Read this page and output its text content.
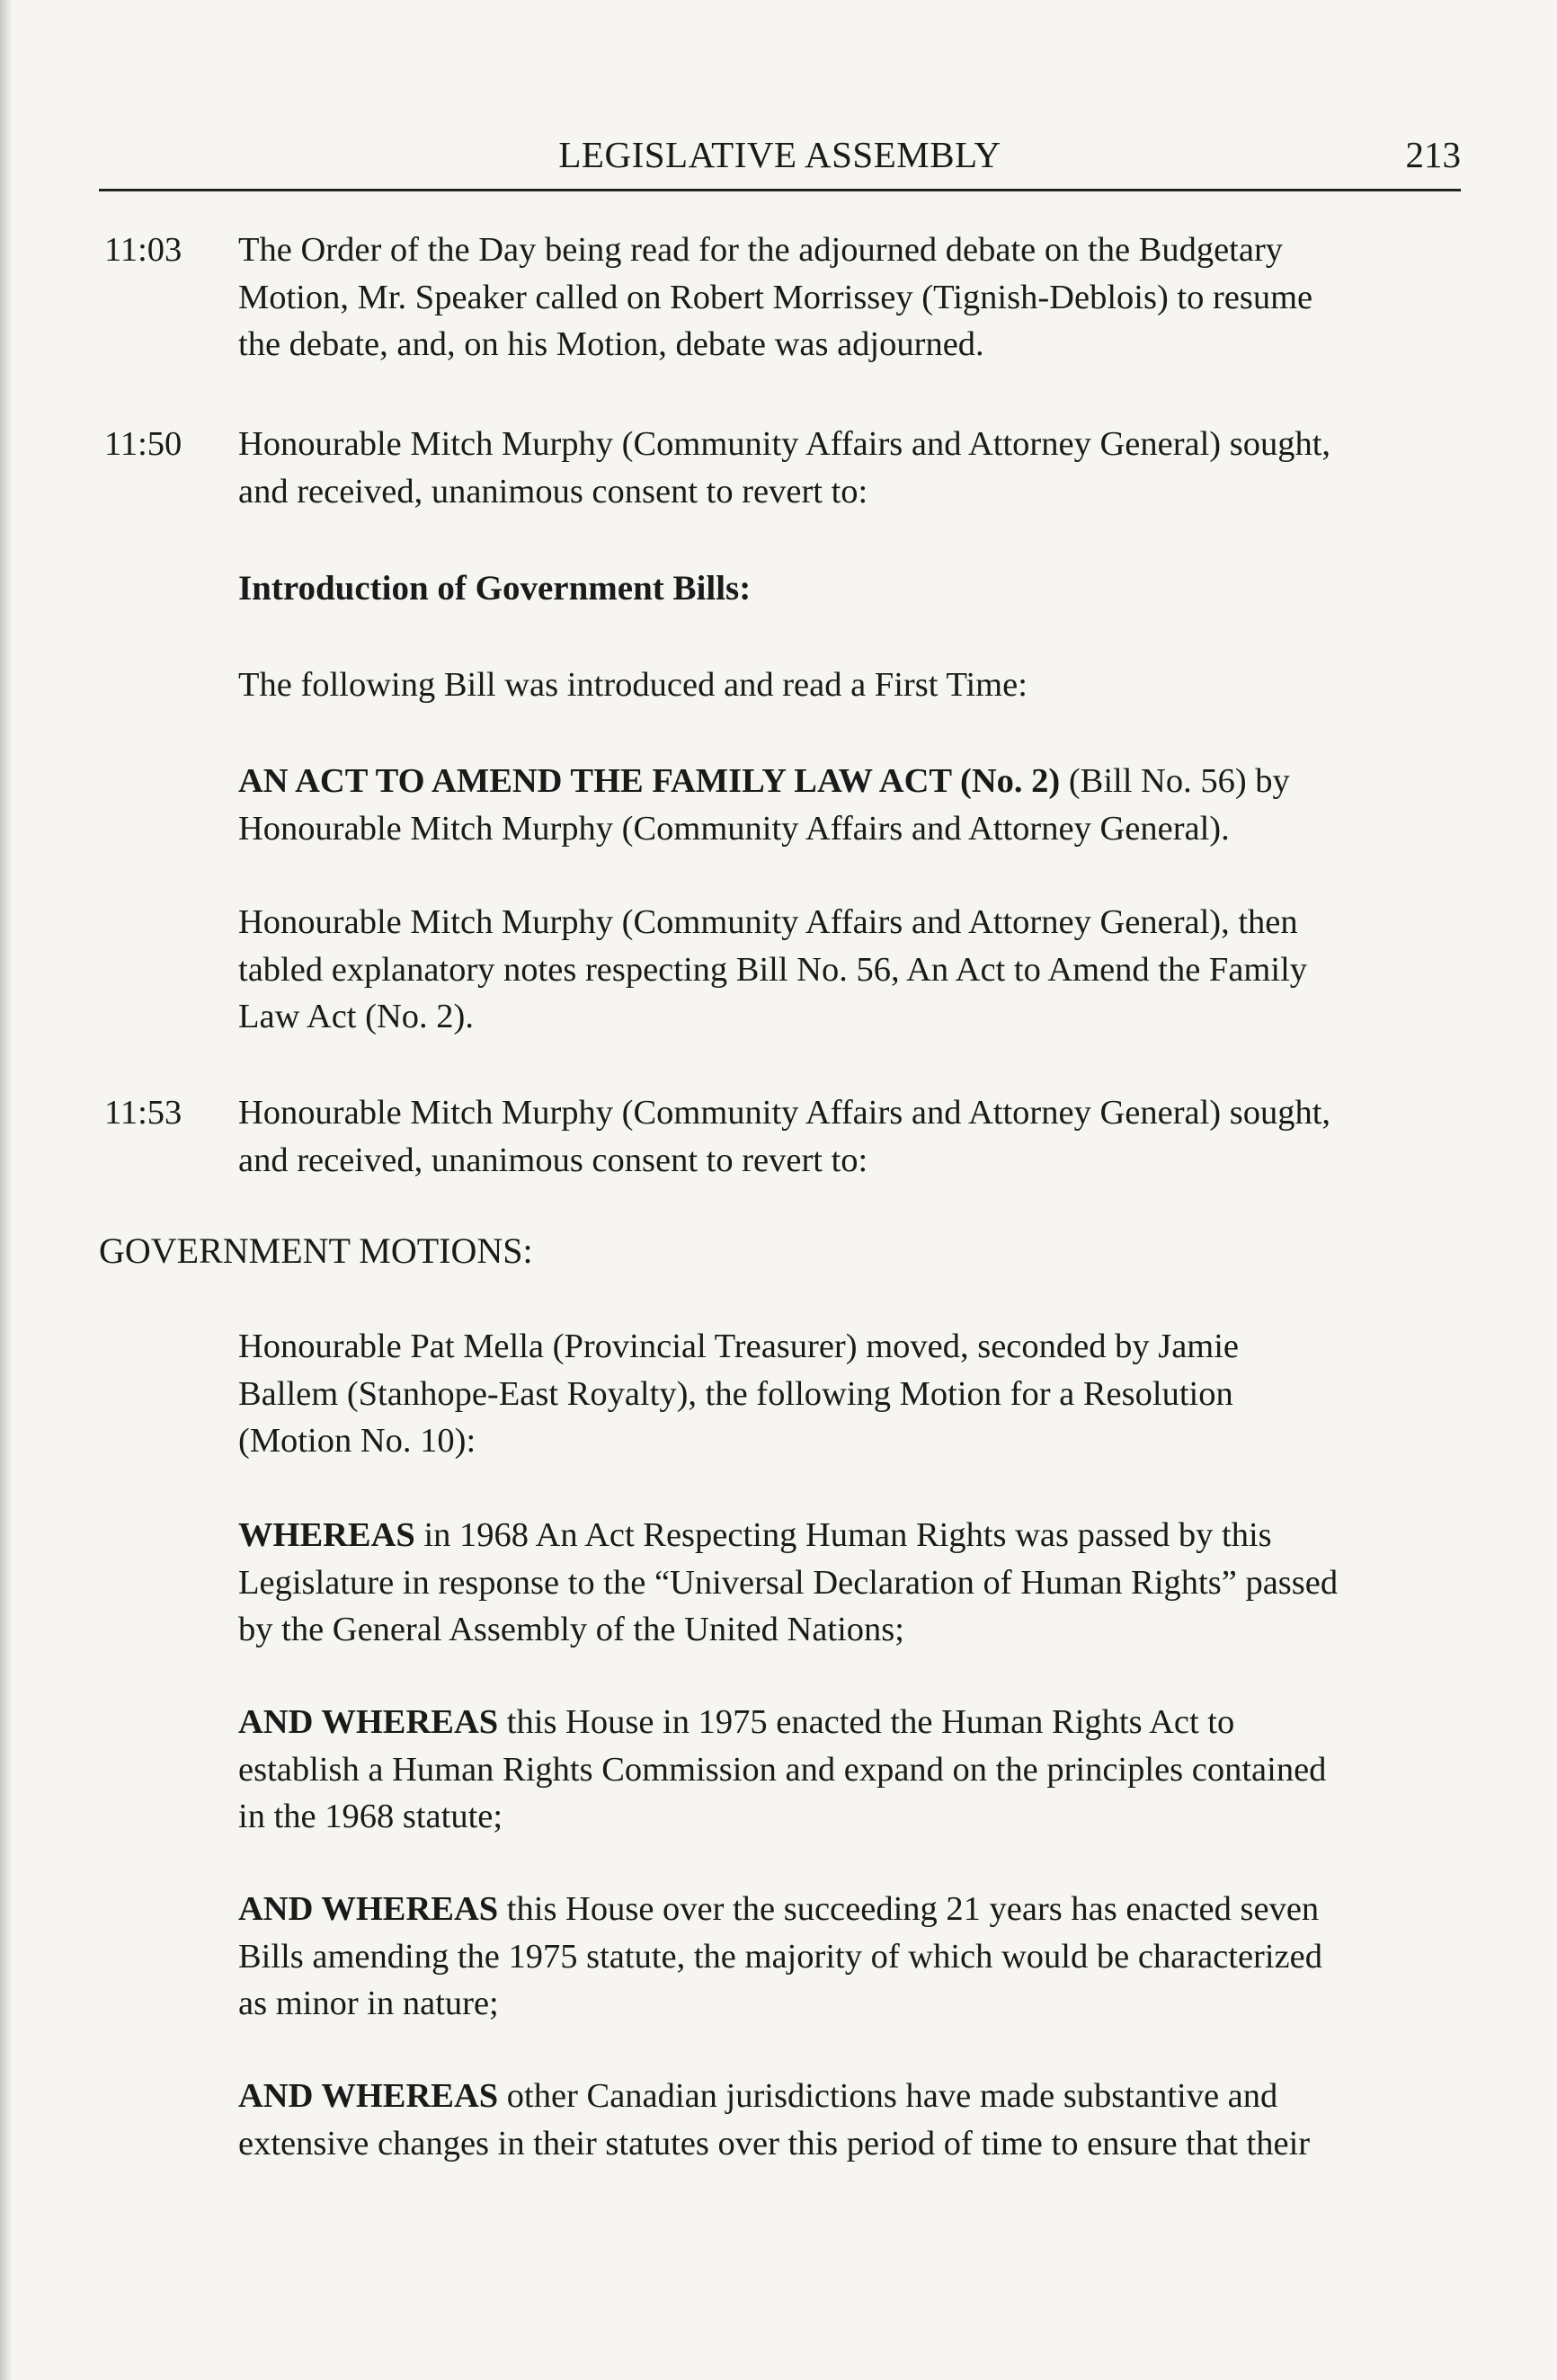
LEGISLATIVE ASSEMBLY	213
11:03 The Order of the Day being read for the adjourned debate on the Budgetary
Motion, Mr. Speaker called on Robert Morrissey (Tignish-Deblois) to resume
the debate, and, on his Motion, debate was adjourned.
11:50 Honourable Mitch Murphy (Community Affairs and Attorney General) sought,
and received, unanimous consent to revert to:
Introduction of Government Bills:
The following Bill was introduced and read a First Time:
AN ACT TO AMEND THE FAMILY LAW ACT (No. 2) (Bill No. 56) by
Honourable Mitch Murphy (Community Affairs and Attorney General).
Honourable Mitch Murphy (Community Affairs and Attorney General), then
tabled explanatory notes respecting Bill No. 56, An Act to Amend the Family
Law Act (No. 2).
11:53 Honourable Mitch Murphy (Community Affairs and Attorney General) sought,
and received, unanimous consent to revert to:
GOVERNMENT MOTIONS:
Honourable Pat Mella (Provincial Treasurer) moved, seconded by Jamie
Ballem (Stanhope-East Royalty), the following Motion for a Resolution
(Motion No. 10):
WHEREAS in 1968 An Act Respecting Human Rights was passed by this
Legislature in response to the “Universal Declaration of Human Rights” passed
by the General Assembly of the United Nations;
AND WHEREAS this House in 1975 enacted the Human Rights Act to
establish a Human Rights Commission and expand on the principles contained
in the 1968 statute;
AND WHEREAS this House over the succeeding 21 years has enacted seven
Bills amending the 1975 statute, the majority of which would be characterized
as minor in nature;
AND WHEREAS other Canadian jurisdictions have made substantive and
extensive changes in their statutes over this period of time to ensure that their
